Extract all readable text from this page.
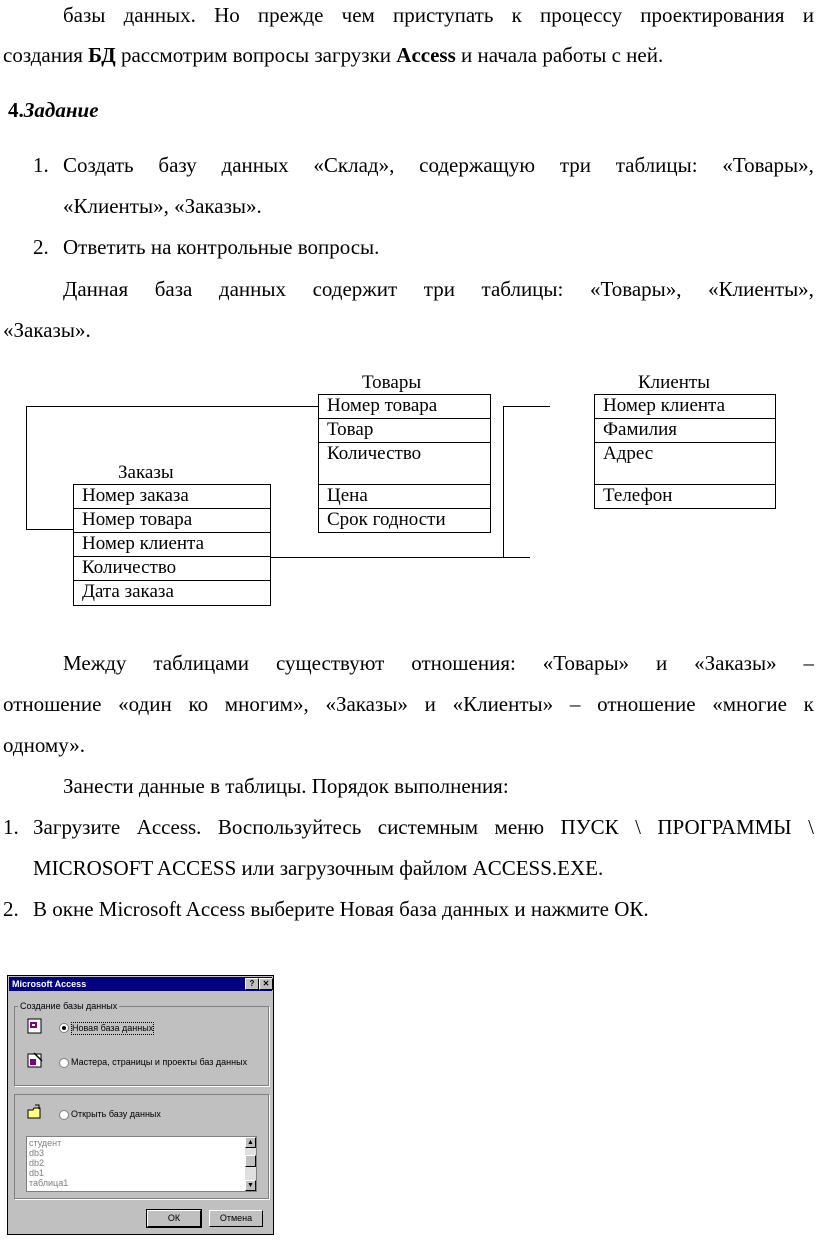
базы данных. Но прежде чем приступать к процессу проектирования и
создания БД рассмотрим вопросы загрузки Access и начала работы с ней.
4.Задание
1. Создать базу данных «Склад», содержащую три таблицы: «Товары»,
«Клиенты», «Заказы».
2. Ответить на контрольные вопросы.
Данная база данных содержит три таблицы: «Товары», «Клиенты»,
«Заказы».
Товары
Номер товара
Товар
Количество
Цена
Срок годности
Клиенты
Номер клиента
Фамилия
Адрес
Телефон
Заказы
Номер заказа
Номер товара
Номер клиента
Количество
Дата заказа
Между таблицами существуют отношения: «Товары» и «Заказы» –
отношение «один ко многим», «Заказы» и «Клиенты» – отношение «многие к
одному».
Занести данные в таблицы. Порядок выполнения:
1. Загрузите Access. Воспользуйтесь системным меню ПУСК \ ПРОГРАММЫ \
MICROSOFT ACCESS или загрузочным файлом ACCESS.EXE.
2. В окне Microsoft Access выберите Новая база данных и нажмите ОК.
Microsoft Access	?	✕
Создание базы данных
Новая база данных
Мастера, страницы и проекты баз данных
Открыть базу данных
студент
db3
db2
db1
таблица1
▲
▼
ОК	Отмена
